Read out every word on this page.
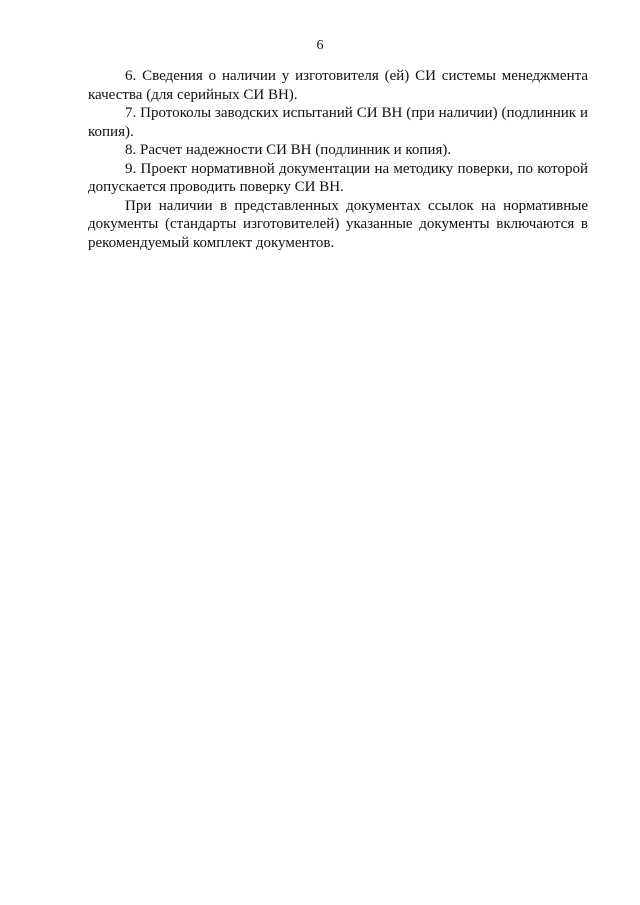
6

6. Сведения о наличии у изготовителя (ей) СИ системы менеджмента качества (для серийных СИ ВН).

7. Протоколы заводских испытаний СИ ВН (при наличии) (подлинник и копия).

8. Расчет надежности СИ ВН (подлинник и копия).

9. Проект нормативной документации на методику поверки, по которой допускается проводить поверку СИ ВН.

При наличии в представленных документах ссылок на нормативные документы (стандарты изготовителей) указанные документы включаются в рекомендуемый комплект документов.
